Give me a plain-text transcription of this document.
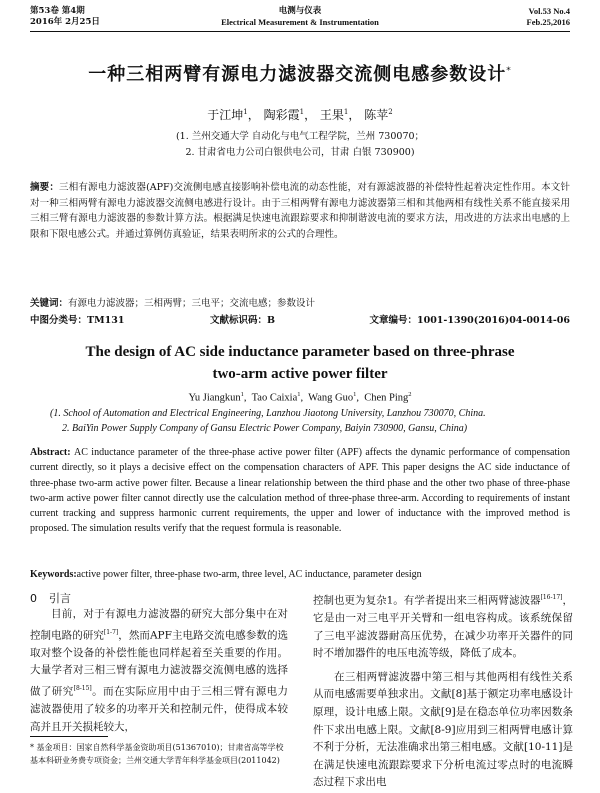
第53卷 第4期
2016年 2月25日
电测与仪表
Electrical Measurement & Instrumentation
Vol.53 No.4
Feb.25,2016
一种三相两臂有源电力滤波器交流侧电感参数设计*
于江坤$^1$， 陶彩霞$^1$， 王果$^1$， 陈苹$^2$
(1. 兰州交通大学 自动化与电气工程学院，兰州 730070；
2. 甘肃省电力公司白银供电公司，甘肃 白银 730900)
摘要：三相有源电力滤波器(APF)交流侧电感直接影响补偿电流的动态性能，对有源滤波器的补偿特性起着决定性作用。本文针对一种三相两臂有源电力滤波器交流侧电感进行设计。由于三相两臂有源电力滤波器第三相和其他两相有线性关系不能直接采用三相三臂有源电力滤波器的参数计算方法。根据满足快速电流跟踪要求和抑制谐波电流的要求方法，用改进的方法求出电感的上限和下限电感公式。并通过算例仿真验证，结果表明所求的公式的合理性。
关键词：有源电力滤波器；三相两臂；三电平；交流电感；参数设计
中图分类号：TM131	文献标识码：B	文章编号：1001-1390(2016)04-0014-06
The design of AC side inductance parameter based on three-phrase
two-arm active power filter
Yu Jiangkun$^1$,  Tao Caixia$^1$,  Wang Guo$^1$,  Chen Ping$^2$
(1. School of Automation and Electrical Engineering, Lanzhou Jiaotong University, Lanzhou 730070, China.
2. BaiYin Power Supply Company of Gansu Electric Power Company, Baiyin 730900, Gansu, China)
Abstract: AC inductance parameter of the three-phase active power filter (APF) affects the dynamic performance of compensation current directly, so it plays a decisive effect on the compensation characters of APF. This paper designs the AC side inductance of three-phase two-arm active power filter. Because a linear relationship between the third phase and the other two phase of three-phase two-arm active power filter cannot directly use the calculation method of three-phase three-arm. According to requirements of instant current tracking and suppress harmonic current requirements, the upper and lower of inductance with the improved method is proposed. The simulation results verify that the request formula is reasonable.
Keywords:active power filter, three-phase two-arm, three level, AC inductance, parameter design
0 引言

目前，对于有源电力滤波器的研究大部分集中在对控制电路的研究[1-7]，然而APF主电路交流电感参数的选取对整个设备的补偿性能也同样起着至关重要的作用。大量学者对三相三臂有源电力滤波器交流侧电感的选择做了研究[8-15]。而在实际应用中由于三相三臂有源电力滤波器使用了较多的功率开关和控制元件，使得成本较高并且开关损耗较大，

控制也更为复杂1。有学者提出来三相两臂滤波器[16-17]，它是由一对三电平开关臂和一组电容构成。该系统保留了三电平滤波器耐高压优势，在减少功率开关器件的同时不增加器件的电压电流等级，降低了成本。

在三相两臂滤波器中第三相与其他两相有线性关系从而电感需要单独求出。文献[8]基于额定功率电感设计原理，设计电感上限。文献[9]是在稳态单位功率因数条件下求出电感上限。文献[8-9]应用到三相两臂电感计算不利于分析，无法准确求出第三相电感。文献[10-11]是在满足快速电流跟踪要求下分析电流过零点时的电流瞬态过程下求出电

* 基金项目：国家自然科学基金资助项目(51367010)；甘肃省高等学校基本科研业务费专项资金；兰州交通大学青年科学基金项目(2011042)
